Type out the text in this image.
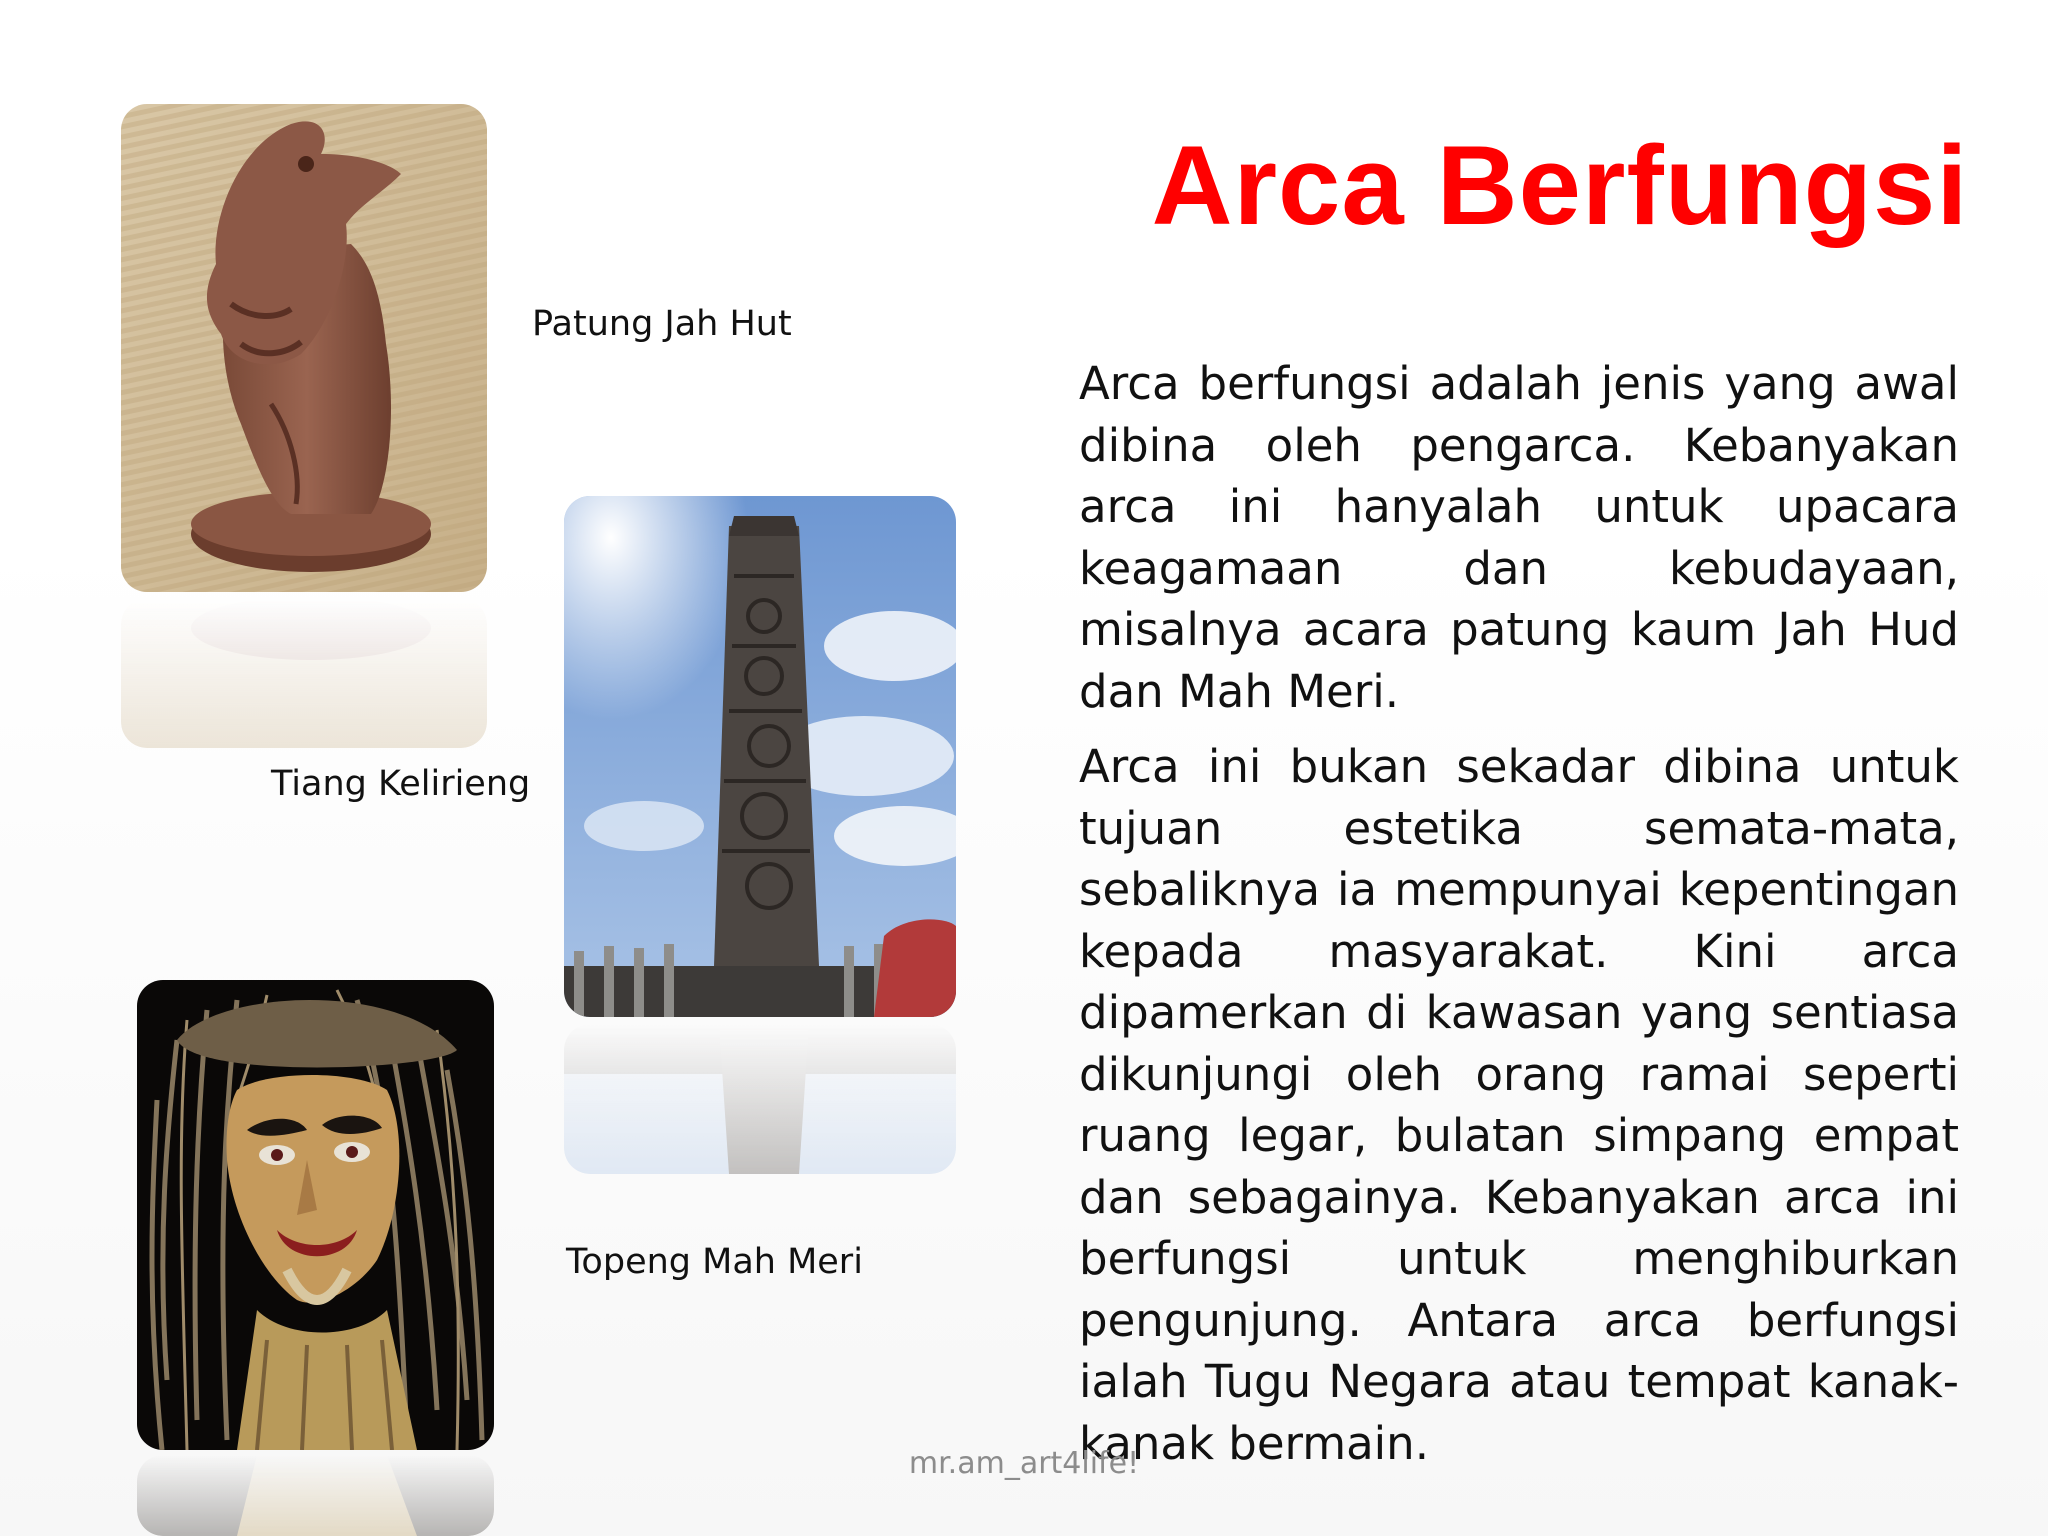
Patung Jah Hut
Tiang Kelirieng
Topeng Mah Meri
Arca Berfungsi

Arca berfungsi adalah jenis yang awal dibina oleh pengarca. Kebanyakan arca ini hanyalah untuk upacara keagamaan dan kebudayaan, misalnya acara patung kaum Jah Hud dan Mah Meri.

Arca ini bukan sekadar dibina untuk tujuan estetika semata-mata, sebaliknya ia mempunyai kepentingan kepada masyarakat. Kini arca dipamerkan di kawasan yang sentiasa dikunjungi oleh orang ramai seperti ruang legar, bulatan simpang empat dan sebagainya. Kebanyakan arca ini berfungsi untuk menghiburkan pengunjung. Antara arca berfungsi ialah Tugu Negara atau tempat kanak-kanak bermain.

mr.am_art4life!
